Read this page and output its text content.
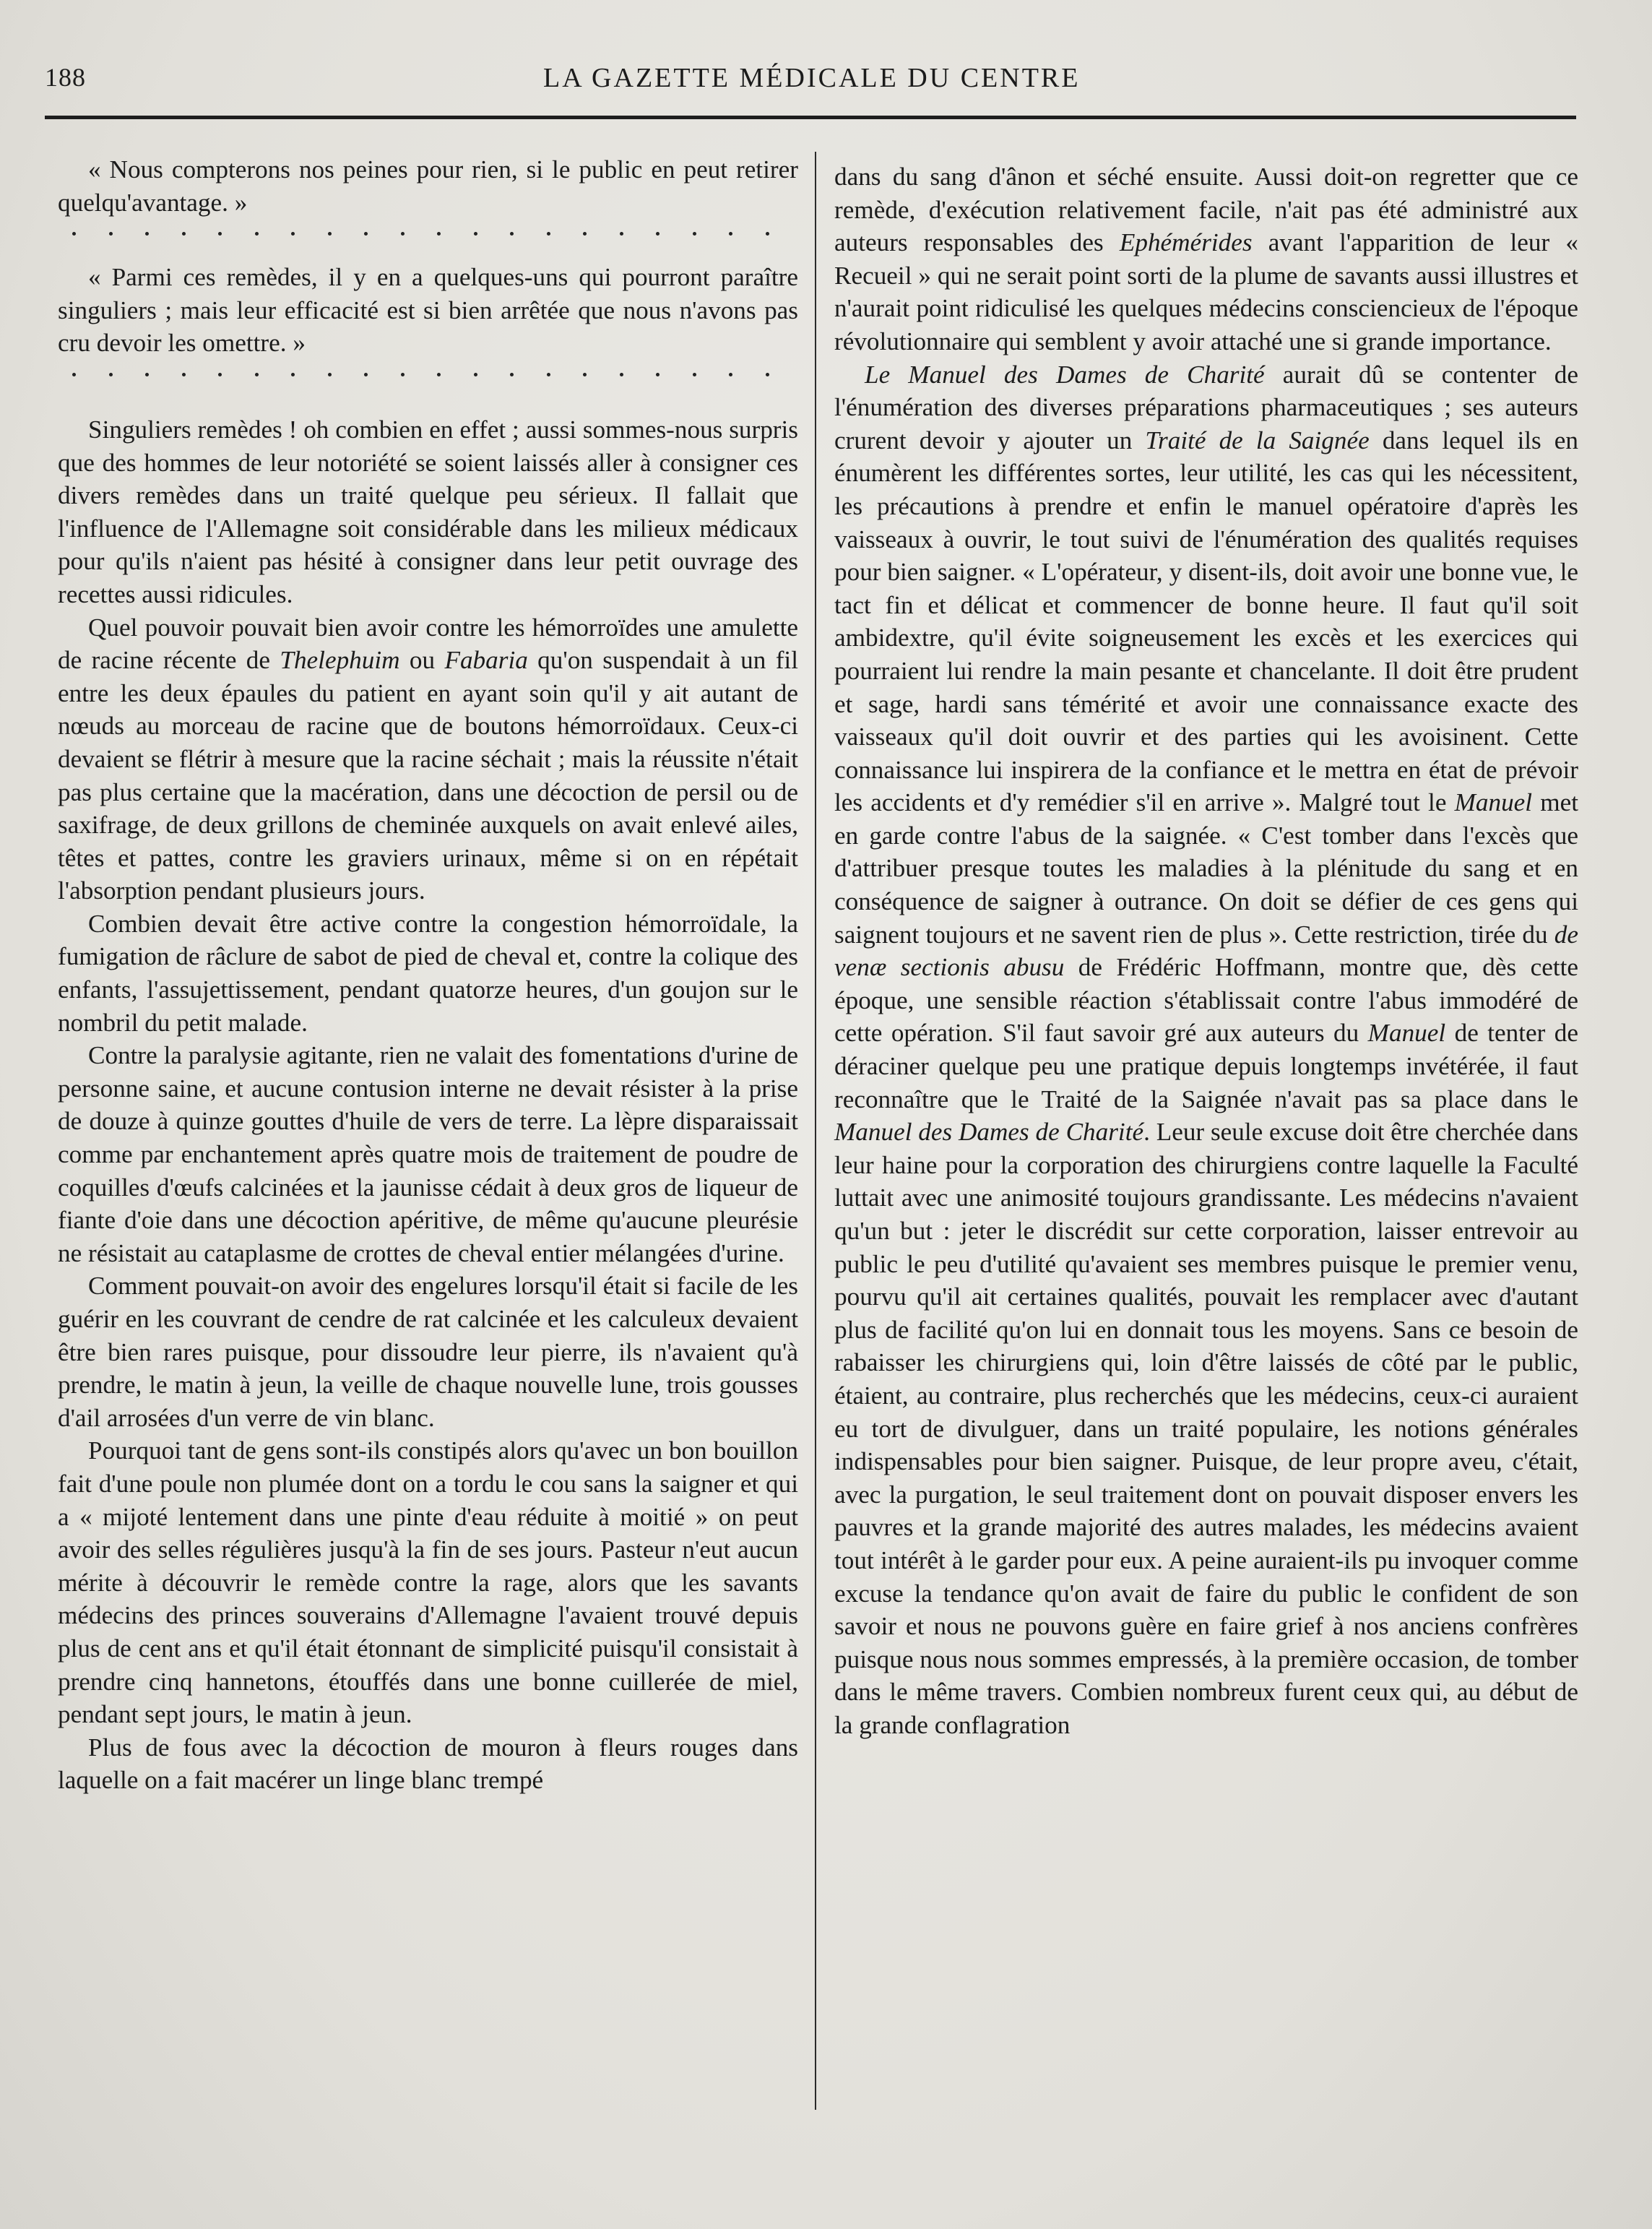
188	LA GAZETTE MÉDICALE DU CENTRE

« Nous compterons nos peines pour rien, si le public en peut retirer quelqu'avantage. »

« Parmi ces remèdes, il y en a quelques-uns qui pourront paraître singuliers ; mais leur efficacité est si bien arrêtée que nous n'avons pas cru devoir les omettre. »

Singuliers remèdes ! oh combien en effet ; aussi sommes-nous surpris que des hommes de leur notoriété se soient laissés aller à consigner ces divers remèdes dans un traité quelque peu sérieux. Il fallait que l'influence de l'Allemagne soit considérable dans les milieux médicaux pour qu'ils n'aient pas hésité à consigner dans leur petit ouvrage des recettes aussi ridicules.

Quel pouvoir pouvait bien avoir contre les hémorroïdes une amulette de racine récente de Thelephuim ou Fabaria qu'on suspendait à un fil entre les deux épaules du patient en ayant soin qu'il y ait autant de nœuds au morceau de racine que de boutons hémorroïdaux. Ceux-ci devaient se flétrir à mesure que la racine séchait ; mais la réussite n'était pas plus certaine que la macération, dans une décoction de persil ou de saxifrage, de deux grillons de cheminée auxquels on avait enlevé ailes, têtes et pattes, contre les graviers urinaux, même si on en répétait l'absorption pendant plusieurs jours.

Combien devait être active contre la congestion hémorroïdale, la fumigation de râclure de sabot de pied de cheval et, contre la colique des enfants, l'assujettissement, pendant quatorze heures, d'un goujon sur le nombril du petit malade.

Contre la paralysie agitante, rien ne valait des fomentations d'urine de personne saine, et aucune contusion interne ne devait résister à la prise de douze à quinze gouttes d'huile de vers de terre. La lèpre disparaissait comme par enchantement après quatre mois de traitement de poudre de coquilles d'œufs calcinées et la jaunisse cédait à deux gros de liqueur de fiante d'oie dans une décoction apéritive, de même qu'aucune pleurésie ne résistait au cataplasme de crottes de cheval entier mélangées d'urine.

Comment pouvait-on avoir des engelures lorsqu'il était si facile de les guérir en les couvrant de cendre de rat calcinée et les calculeux devaient être bien rares puisque, pour dissoudre leur pierre, ils n'avaient qu'à prendre, le matin à jeun, la veille de chaque nouvelle lune, trois gousses d'ail arrosées d'un verre de vin blanc.

Pourquoi tant de gens sont-ils constipés alors qu'avec un bon bouillon fait d'une poule non plumée dont on a tordu le cou sans la saigner et qui a « mijoté lentement dans une pinte d'eau réduite à moitié » on peut avoir des selles régulières jusqu'à la fin de ses jours. Pasteur n'eut aucun mérite à découvrir le remède contre la rage, alors que les savants médecins des princes souverains d'Allemagne l'avaient trouvé depuis plus de cent ans et qu'il était étonnant de simplicité puisqu'il consistait à prendre cinq hannetons, étouffés dans une bonne cuillerée de miel, pendant sept jours, le matin à jeun.

Plus de fous avec la décoction de mouron à fleurs rouges dans laquelle on a fait macérer un linge blanc trempé

dans du sang d'ânon et séché ensuite. Aussi doit-on regretter que ce remède, d'exécution relativement facile, n'ait pas été administré aux auteurs responsables des Ephémérides avant l'apparition de leur « Recueil » qui ne serait point sorti de la plume de savants aussi illustres et n'aurait point ridiculisé les quelques médecins consciencieux de l'époque révolutionnaire qui semblent y avoir attaché une si grande importance.

Le Manuel des Dames de Charité aurait dû se contenter de l'énumération des diverses préparations pharmaceutiques ; ses auteurs crurent devoir y ajouter un Traité de la Saignée dans lequel ils en énumèrent les différentes sortes, leur utilité, les cas qui les nécessitent, les précautions à prendre et enfin le manuel opératoire d'après les vaisseaux à ouvrir, le tout suivi de l'énumération des qualités requises pour bien saigner. « L'opérateur, y disent-ils, doit avoir une bonne vue, le tact fin et délicat et commencer de bonne heure. Il faut qu'il soit ambidextre, qu'il évite soigneusement les excès et les exercices qui pourraient lui rendre la main pesante et chancelante. Il doit être prudent et sage, hardi sans témérité et avoir une connaissance exacte des vaisseaux qu'il doit ouvrir et des parties qui les avoisinent. Cette connaissance lui inspirera de la confiance et le mettra en état de prévoir les accidents et d'y remédier s'il en arrive ». Malgré tout le Manuel met en garde contre l'abus de la saignée. « C'est tomber dans l'excès que d'attribuer presque toutes les maladies à la plénitude du sang et en conséquence de saigner à outrance. On doit se défier de ces gens qui saignent toujours et ne savent rien de plus ». Cette restriction, tirée du de venæ sectionis abusu de Frédéric Hoffmann, montre que, dès cette époque, une sensible réaction s'établissait contre l'abus immodéré de cette opération. S'il faut savoir gré aux auteurs du Manuel de tenter de déraciner quelque peu une pratique depuis longtemps invétérée, il faut reconnaître que le Traité de la Saignée n'avait pas sa place dans le Manuel des Dames de Charité. Leur seule excuse doit être cherchée dans leur haine pour la corporation des chirurgiens contre laquelle la Faculté luttait avec une animosité toujours grandissante. Les médecins n'avaient qu'un but : jeter le discrédit sur cette corporation, laisser entrevoir au public le peu d'utilité qu'avaient ses membres puisque le premier venu, pourvu qu'il ait certaines qualités, pouvait les remplacer avec d'autant plus de facilité qu'on lui en donnait tous les moyens. Sans ce besoin de rabaisser les chirurgiens qui, loin d'être laissés de côté par le public, étaient, au contraire, plus recherchés que les médecins, ceux-ci auraient eu tort de divulguer, dans un traité populaire, les notions générales indispensables pour bien saigner. Puisque, de leur propre aveu, c'était, avec la purgation, le seul traitement dont on pouvait disposer envers les pauvres et la grande majorité des autres malades, les médecins avaient tout intérêt à le garder pour eux. A peine auraient-ils pu invoquer comme excuse la tendance qu'on avait de faire du public le confident de son savoir et nous ne pouvons guère en faire grief à nos anciens confrères puisque nous nous sommes empressés, à la première occasion, de tomber dans le même travers. Combien nombreux furent ceux qui, au début de la grande conflagration
